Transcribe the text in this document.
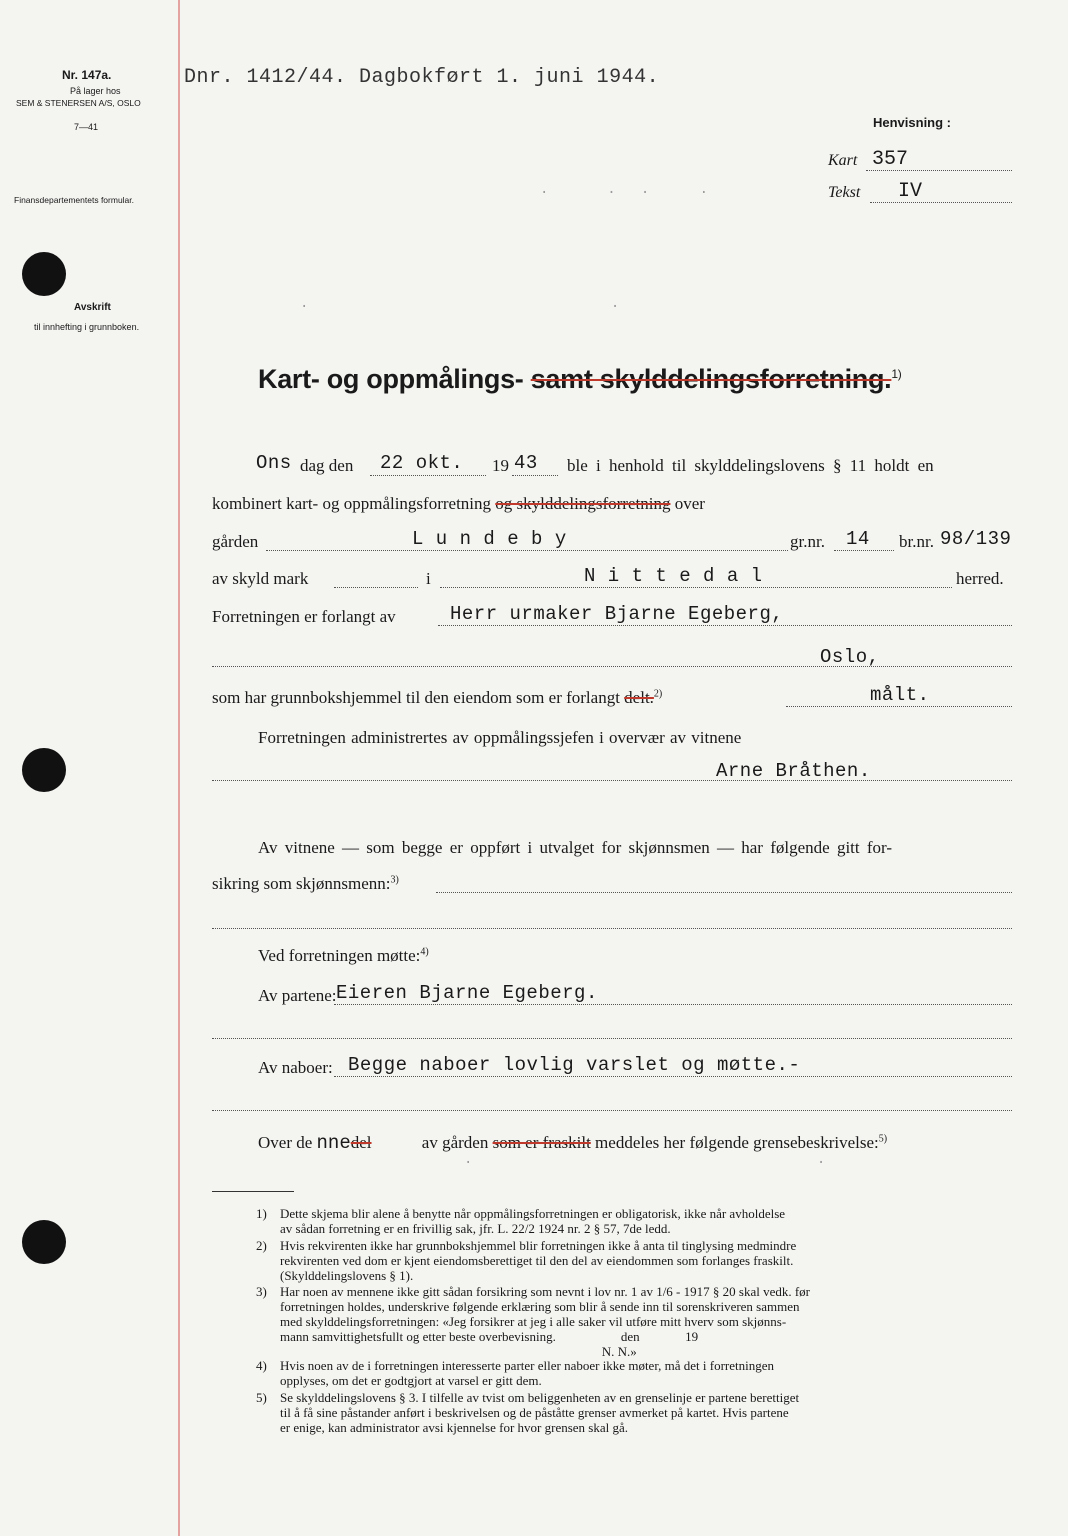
Nr. 147a.
På lager hos
SEM & STENERSEN A/S, OSLO
7—41
Finansdepartementets formular.
Avskrift
til innhefting i grunnboken.
Dnr. 1412/44. Dagbokført 1. juni 1944.
Henvisning :
Kart 357
Tekst IV
.       .   .      .
.                                    .
Kart- og oppmålings- samt skylddelingsforretning.$^{1)}$
Ons dag den 22 okt. 19 43 ble i henhold til skylddelingslovens § 11 holdt en
kombinert kart- og oppmålingsforretning og skylddelingsforretning over
gården	L u n d e b y	gr.nr. 14 br.nr. 98/139
av skyld mark	i	N i t t e d a l	herred.
Forretningen er forlangt av	Herr urmaker Bjarne Egeberg,
Oslo,
som har grunnbokshjemmel til den eiendom som er forlangt delt.$^{2)}$	målt.
Forretningen administrertes av oppmålingssjefen i overvær av vitnene
Arne Bråthen.
Av vitnene — som begge er oppført i utvalget for skjønnsmen — har følgende gitt for-
sikring som skjønnsmenn:$^{3)}$
Ved forretningen møtte:$^{4)}$
Av partene: Eieren Bjarne Egeberg.
Av naboer: Begge naboer lovlig varslet og møtte.-
Over de nnedel	av gården som er fraskilt meddeles her følgende grensebeskrivelse:$^{5)}$
.                                         .
1) Dette skjema blir alene å benytte når oppmålingsforretningen er obligatorisk, ikke når avholdelse
av sådan forretning er en frivillig sak, jfr. L. 22/2 1924 nr. 2 § 57, 7de ledd.
2) Hvis rekvirenten ikke har grunnbokshjemmel blir forretningen ikke å anta til tinglysing medmindre
rekvirenten ved dom er kjent eiendomsberettiget til den del av eiendommen som forlanges fraskilt.
(Skylddelingslovens § 1).
3) Har noen av mennene ikke gitt sådan forsikring som nevnt i lov nr. 1 av 1/6 - 1917 § 20 skal vedk. før
forretningen holdes, underskrive følgende erklæring som blir å sende inn til sorenskriveren sammen
med skylddelingsforretningen: «Jeg forsikrer at jeg i alle saker vil utføre mitt hverv som skjønns-
mann samvittighetsfullt og etter beste overbevisning.                    den              19
N. N.»
4) Hvis noen av de i forretningen interesserte parter eller naboer ikke møter, må det i forretningen
opplyses, om det er godtgjort at varsel er gitt dem.
5) Se skylddelingslovens § 3. I tilfelle av tvist om beliggenheten av en grenselinje er partene berettiget
til å få sine påstander anført i beskrivelsen og de påståtte grenser avmerket på kartet. Hvis partene
er enige, kan administrator avsi kjennelse for hvor grensen skal gå.
